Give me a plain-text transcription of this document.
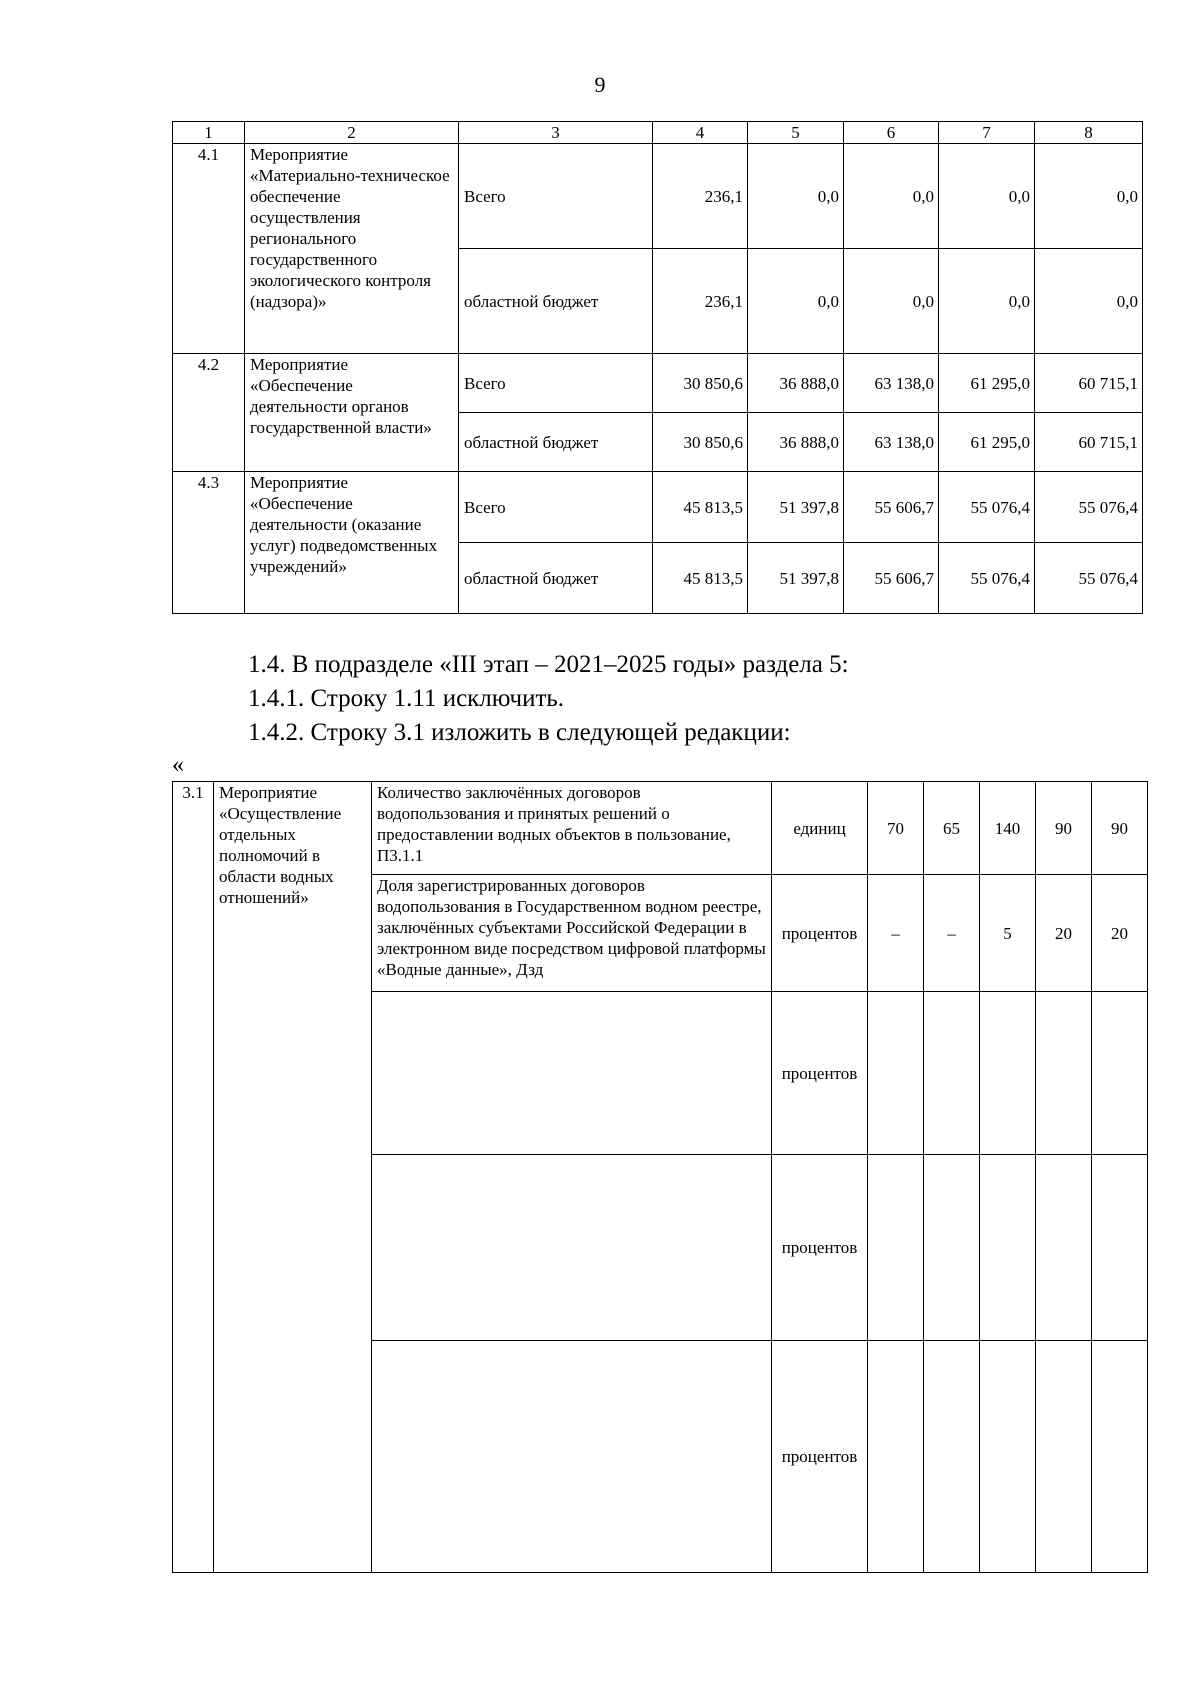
9
1	2	3	4	5	6	7	8
4.1	Мероприятие «Материально-техническое обеспечение осуществления регионального государственного экологического контроля (надзора)»	Всего	236,1	0,0	0,0	0,0	0,0
		областной бюджет	236,1	0,0	0,0	0,0	0,0
4.2	Мероприятие «Обеспечение деятельности органов государственной власти»	Всего	30 850,6	36 888,0	63 138,0	61 295,0	60 715,1
		областной бюджет	30 850,6	36 888,0	63 138,0	61 295,0	60 715,1
4.3	Мероприятие «Обеспечение деятельности (оказание услуг) подведомственных учреждений»	Всего	45 813,5	51 397,8	55 606,7	55 076,4	55 076,4
		областной бюджет	45 813,5	51 397,8	55 606,7	55 076,4	55 076,4
1.4. В подразделе «III этап – 2021–2025 годы» раздела 5:
1.4.1. Строку 1.11 исключить.
1.4.2. Строку 3.1 изложить в следующей редакции:
«
3.1	Мероприятие «Осуществление отдельных полномочий в области водных отношений»	Количество заключённых договоров водопользования и принятых решений о предоставлении водных объектов в пользование, П3.1.1	единиц	70	65	140	90	90
		Доля зарегистрированных договоров водопользования в Государственном водном реестре, заключённых субъектами Российской Федерации в электронном виде посредством цифровой платформы «Водные данные», Дзд	процентов	–	–	5	20	20
			процентов					
			процентов					
			процентов					
